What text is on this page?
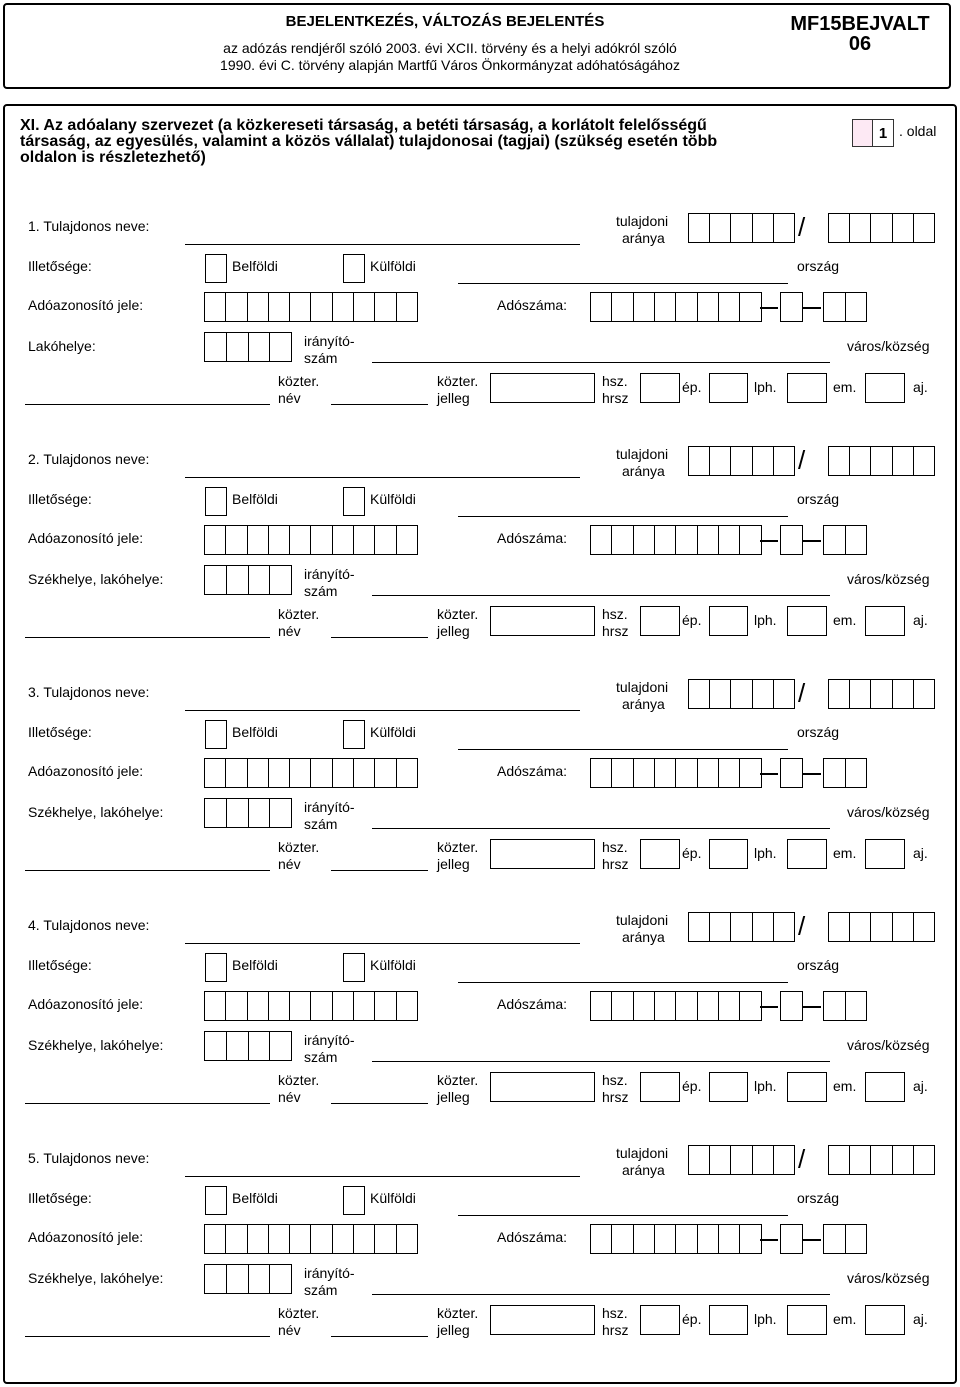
BEJELENTKEZÉS, VÁLTOZÁS BEJELENTÉS
az adózás rendjéről szóló 2003. évi XCII. törvény és a helyi adókról szóló
1990. évi C. törvény alapján Martfű Város Önkormányzat adóhatóságához
MF15BEJVALT
06
XI. Az adóalany szervezet (a közkereseti társaság, a betéti társaság, a korlátolt felelősségű
társaság, az egyesülés, valamint a közös vállalat) tulajdonosai (tagjai) (szükség esetén több
oldalon is részletezhető)
1 . oldal
1. Tulajdonos neve:	tulajdoni
aránya	/
Illetősége:	Belföldi	Külföldi	ország
Adóazonosító jele:	Adószáma:
Lakóhelye:	irányító-
szám
város/község
közter.
név
közter.
jelleg
hsz.
hrsz
ép.	lph.	em.	aj.
2. Tulajdonos neve:	tulajdoni
aránya	/
Illetősége:	Belföldi	Külföldi	ország
Adóazonosító jele:	Adószáma:
Székhelye, lakóhelye:	irányító-
szám
város/község
közter.
név
közter.
jelleg
hsz.
hrsz
ép.	lph.	em.	aj.
3. Tulajdonos neve:	tulajdoni
aránya	/
Illetősége:	Belföldi	Külföldi	ország
Adóazonosító jele:	Adószáma:
Székhelye, lakóhelye:	irányító-
szám
város/község
közter.
név
közter.
jelleg
hsz.
hrsz
ép.	lph.	em.	aj.
4. Tulajdonos neve:	tulajdoni
aránya	/
Illetősége:	Belföldi	Külföldi	ország
Adóazonosító jele:	Adószáma:
Székhelye, lakóhelye:	irányító-
szám
város/község
közter.
név
közter.
jelleg
hsz.
hrsz
ép.	lph.	em.	aj.
5. Tulajdonos neve:	tulajdoni
aránya	/
Illetősége:	Belföldi	Külföldi	ország
Adóazonosító jele:	Adószáma:
Székhelye, lakóhelye:	irányító-
szám
város/község
közter.
név
közter.
jelleg
hsz.
hrsz
ép.	lph.	em.	aj.
